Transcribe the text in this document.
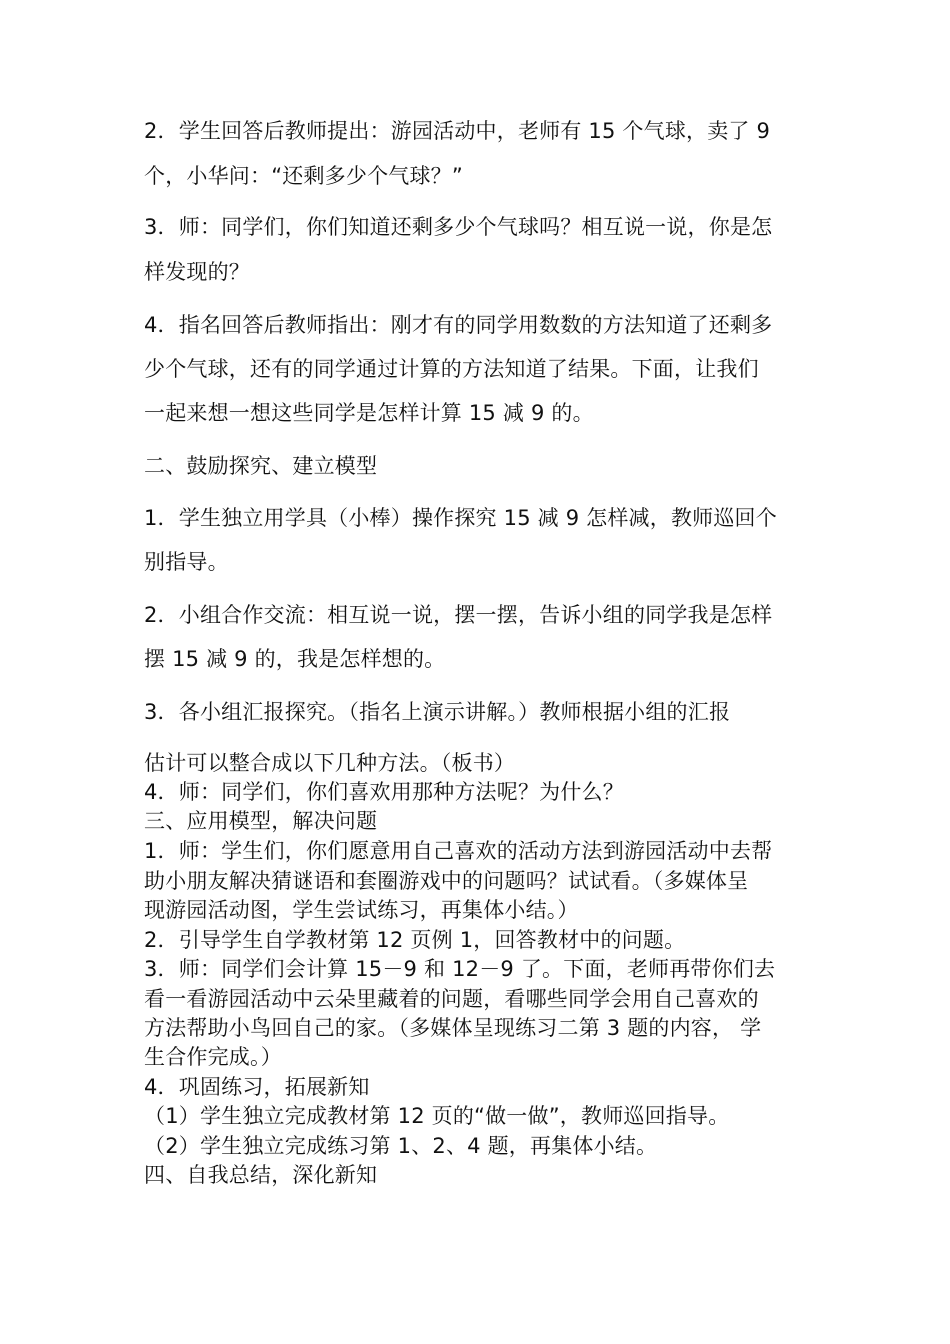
2．学生回答后教师提出：游园活动中，老师有 15 个气球，卖了 9
个，小华问：“还剩多少个气球？”
3．师：同学们，你们知道还剩多少个气球吗？相互说一说，你是怎
样发现的？
4．指名回答后教师指出：刚才有的同学用数数的方法知道了还剩多
少个气球，还有的同学通过计算的方法知道了结果。下面，让我们
一起来想一想这些同学是怎样计算 15 减 9 的。
二、鼓励探究、建立模型
1．学生独立用学具（小棒）操作探究 15 减 9 怎样减，教师巡回个
别指导。
2．小组合作交流：相互说一说，摆一摆，告诉小组的同学我是怎样
摆 15 减 9 的，我是怎样想的。
3．各小组汇报探究。（指名上演示讲解。）教师根据小组的汇报
估计可以整合成以下几种方法。（板书）
4．师：同学们，你们喜欢用那种方法呢？为什么？
三、应用模型，解决问题
1．师：学生们，你们愿意用自己喜欢的活动方法到游园活动中去帮
助小朋友解决猜谜语和套圈游戏中的问题吗？试试看。（多媒体呈
现游园活动图，学生尝试练习，再集体小结。）
2．引导学生自学教材第 12 页例 1，回答教材中的问题。
3．师：同学们会计算 15－9 和 12－9 了。下面，老师再带你们去
看一看游园活动中云朵里藏着的问题，看哪些同学会用自己喜欢的
方法帮助小鸟回自己的家。（多媒体呈现练习二第 3 题的内容， 学
生合作完成。）
4．巩固练习，拓展新知
（1）学生独立完成教材第 12 页的“做一做”，教师巡回指导。
（2）学生独立完成练习第 1、2、4 题，再集体小结。
四、自我总结，深化新知
